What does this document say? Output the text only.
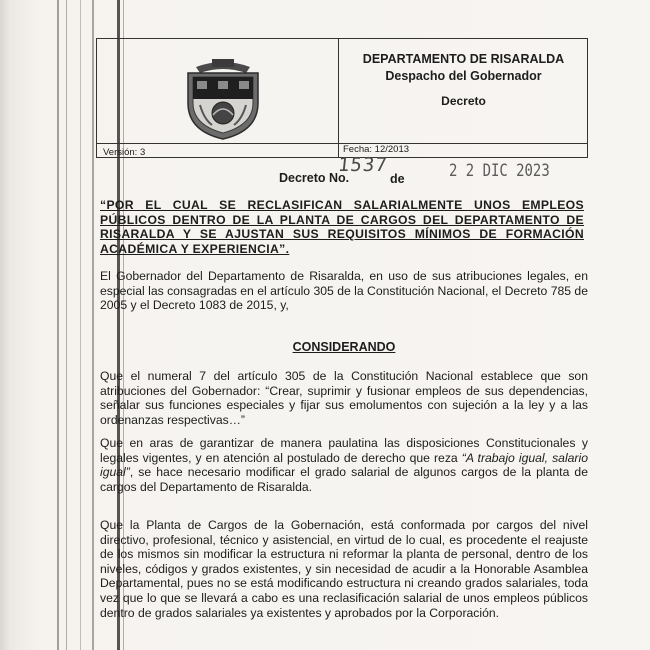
DEPARTAMENTO DE RISARALDA
Despacho del Gobernador
Decreto
Versión: 3	Fecha: 12/2013
Decreto No.
1537
de	2 2 DIC 2023
“POR EL CUAL SE RECLASIFICAN SALARIALMENTE UNOS EMPLEOS PÚBLICOS DENTRO DE LA PLANTA DE CARGOS DEL DEPARTAMENTO DE RISARALDA Y SE AJUSTAN SUS REQUISITOS MÍNIMOS DE FORMACIÓN ACADÉMICA Y EXPERIENCIA”.
El Gobernador del Departamento de Risaralda, en uso de sus atribuciones legales, en especial las consagradas en el artículo 305 de la Constitución Nacional, el Decreto 785 de 2005 y el Decreto 1083 de 2015, y,
CONSIDERANDO
Que el numeral 7 del artículo 305 de la Constitución Nacional establece que son atribuciones del Gobernador: “Crear, suprimir y fusionar empleos de sus dependencias, señalar sus funciones especiales y fijar sus emolumentos con sujeción a la ley y a las ordenanzas respectivas…”
Que en aras de garantizar de manera paulatina las disposiciones Constitucionales y legales vigentes, y en atención al postulado de derecho que reza “A trabajo igual, salario igual”, se hace necesario modificar el grado salarial de algunos cargos de la planta de cargos del Departamento de Risaralda.
Que la Planta de Cargos de la Gobernación, está conformada por cargos del nivel directivo, profesional, técnico y asistencial, en virtud de lo cual, es procedente el reajuste de los mismos sin modificar la estructura ni reformar la planta de personal, dentro de los niveles, códigos y grados existentes, y sin necesidad de acudir a la Honorable Asamblea Departamental, pues no se está modificando estructura ni creando grados salariales, toda vez que lo que se llevará a cabo es una reclasificación salarial de unos empleos públicos dentro de grados salariales ya existentes y aprobados por la Corporación.
